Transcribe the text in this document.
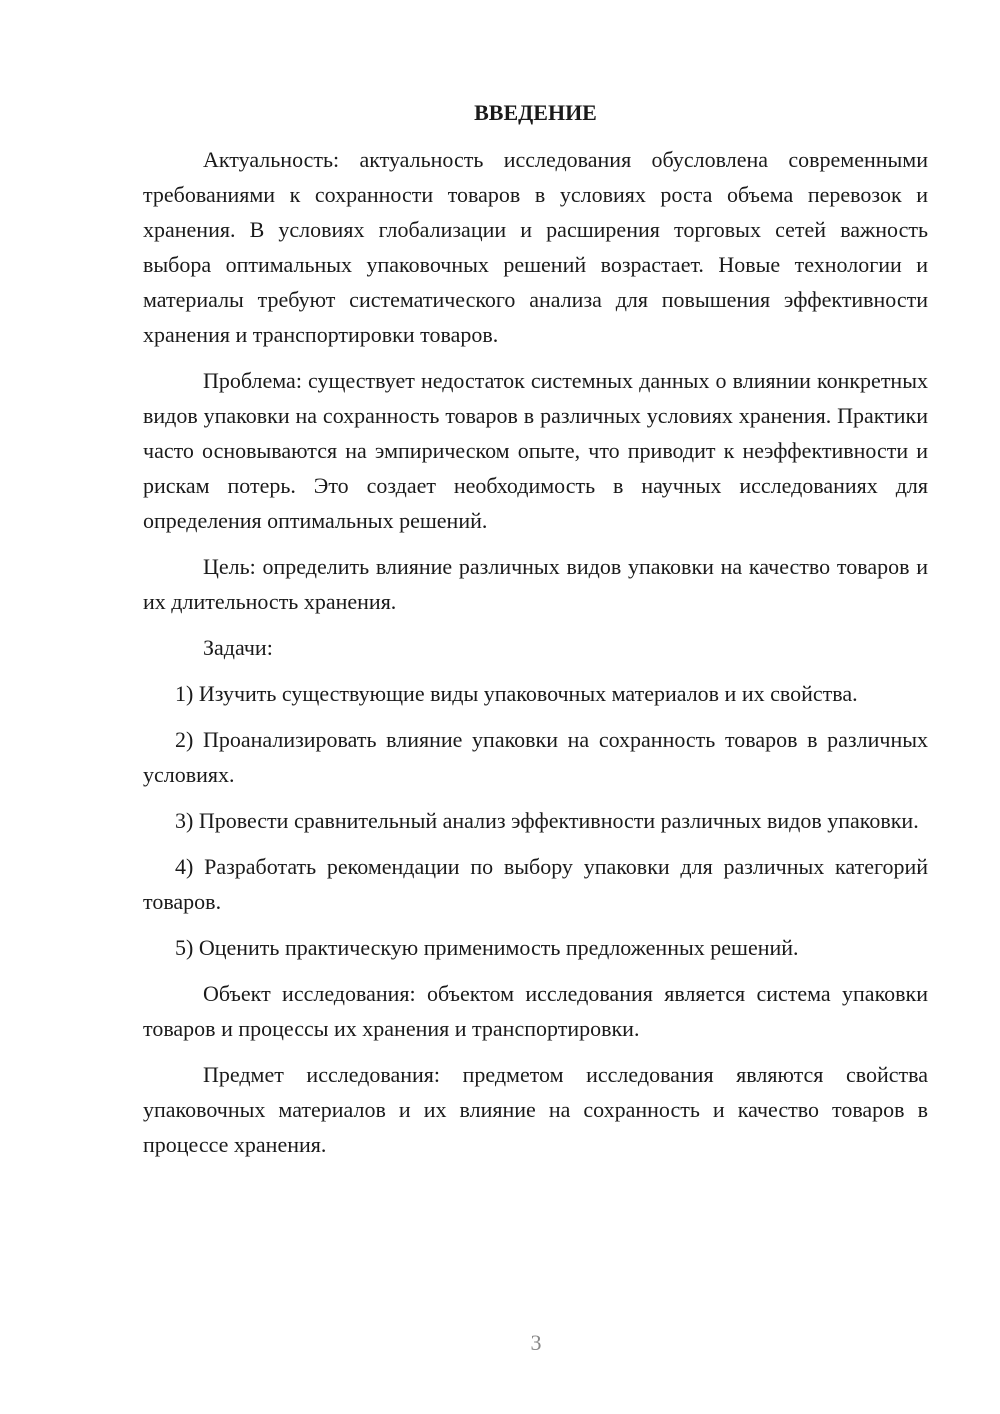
ВВЕДЕНИЕ

Актуальность: актуальность исследования обусловлена современными требованиями к сохранности товаров в условиях роста объема перевозок и хранения. В условиях глобализации и расширения торговых сетей важность выбора оптимальных упаковочных решений возрастает. Новые технологии и материалы требуют систематического анализа для повышения эффективности хранения и транспортировки товаров.

Проблема: существует недостаток системных данных о влиянии конкретных видов упаковки на сохранность товаров в различных условиях хранения. Практики часто основываются на эмпирическом опыте, что приводит к неэффективности и рискам потерь. Это создает необходимость в научных исследованиях для определения оптимальных решений.

Цель: определить влияние различных видов упаковки на качество товаров и их длительность хранения.

Задачи:

1) Изучить существующие виды упаковочных материалов и их свойства.

2) Проанализировать влияние упаковки на сохранность товаров в различных условиях.

3) Провести сравнительный анализ эффективности различных видов упаковки.

4) Разработать рекомендации по выбору упаковки для различных категорий товаров.

5) Оценить практическую применимость предложенных решений.

Объект исследования: объектом исследования является система упаковки товаров и процессы их хранения и транспортировки.

Предмет исследования: предметом исследования являются свойства упаковочных материалов и их влияние на сохранность и качество товаров в процессе хранения.

3
